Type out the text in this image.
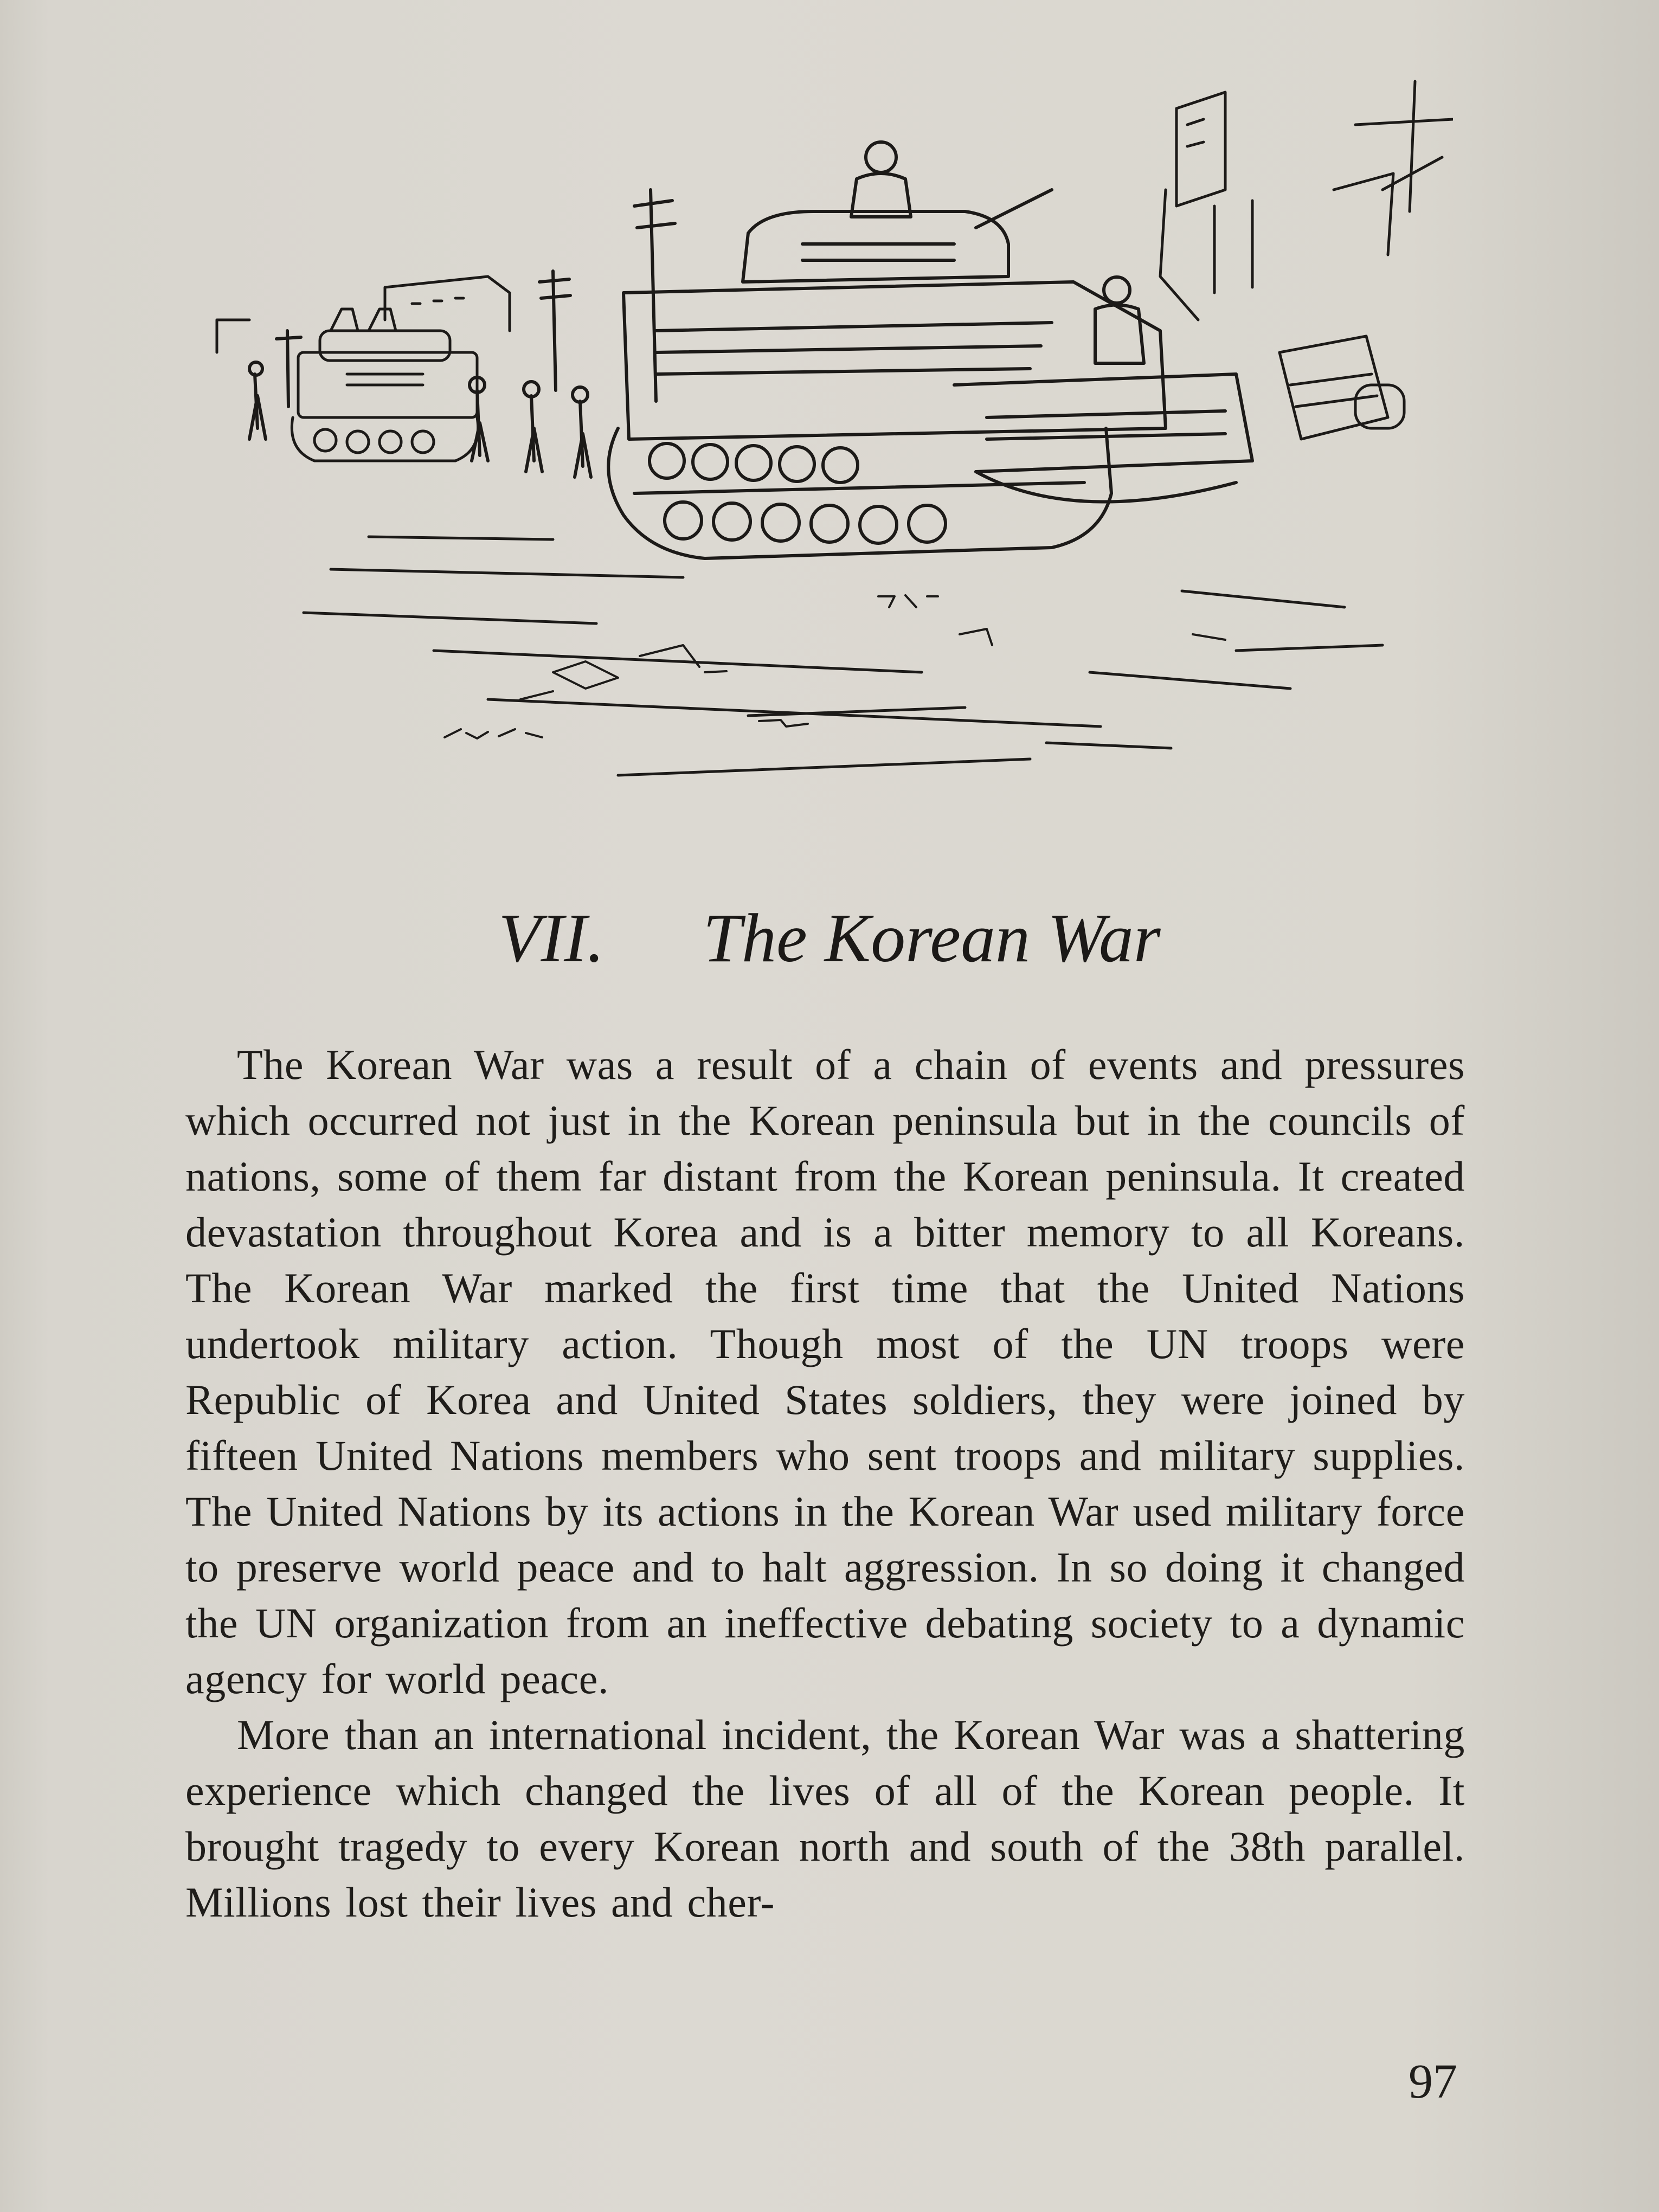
VII. The Korean War

The Korean War was a result of a chain of events and pressures which occurred not just in the Korean peninsula but in the councils of nations, some of them far distant from the Korean peninsula. It created devastation throughout Korea and is a bitter memory to all Koreans. The Korean War marked the first time that the United Nations undertook military action. Though most of the UN troops were Republic of Korea and United States soldiers, they were joined by fifteen United Nations members who sent troops and military supplies. The United Nations by its actions in the Korean War used military force to preserve world peace and to halt aggression. In so doing it changed the UN organization from an ineffective debating society to a dynamic agency for world peace.

More than an international incident, the Korean War was a shattering experience which changed the lives of all of the Korean people. It brought tragedy to every Korean north and south of the 38th parallel. Millions lost their lives and cher-

97
